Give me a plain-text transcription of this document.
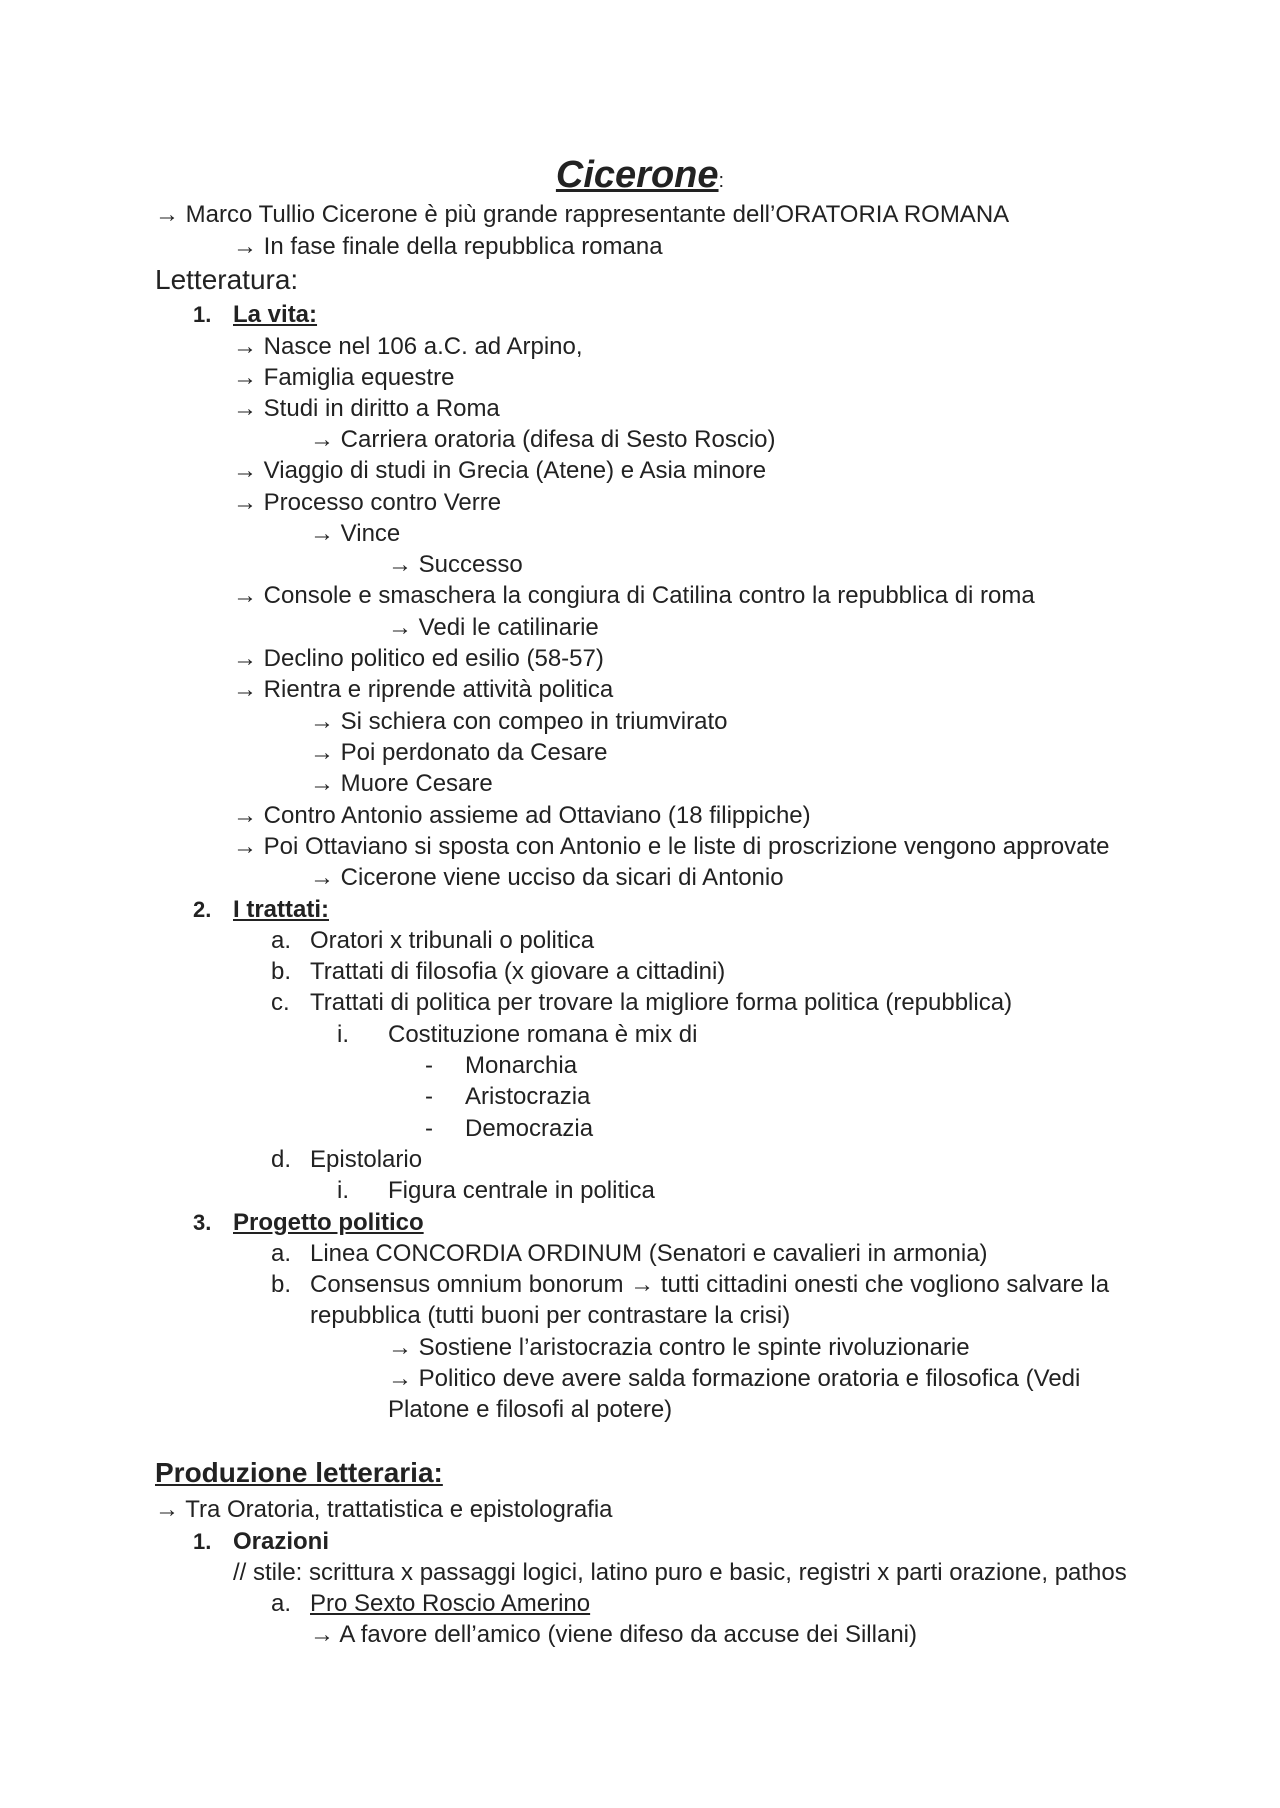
Cicerone:
→ Marco Tullio Cicerone è più grande rappresentante dell’ORATORIA ROMANA
→ In fase finale della repubblica romana
Letteratura:
1. La vita:
→ Nasce nel 106 a.C. ad Arpino,
→ Famiglia equestre
→ Studi in diritto a Roma
→ Carriera oratoria (difesa di Sesto Roscio)
→ Viaggio di studi in Grecia (Atene) e Asia minore
→ Processo contro Verre
→ Vince
→ Successo
→ Console e smaschera la congiura di Catilina contro la repubblica di roma
→ Vedi le catilinarie
→ Declino politico ed esilio (58-57)
→ Rientra e riprende attività politica
→ Si schiera con compeo in triumvirato
→ Poi perdonato da Cesare
→ Muore Cesare
→ Contro Antonio assieme ad Ottaviano (18 filippiche)
→ Poi Ottaviano si sposta con Antonio e le liste di proscrizione vengono approvate
→ Cicerone viene ucciso da sicari di Antonio
2. I trattati:
a. Oratori x tribunali o politica
b. Trattati di filosofia (x giovare a cittadini)
c. Trattati di politica per trovare la migliore forma politica (repubblica)
i. Costituzione romana è mix di
- Monarchia
- Aristocrazia
- Democrazia
d. Epistolario
i. Figura centrale in politica
3. Progetto politico
a. Linea CONCORDIA ORDINUM (Senatori e cavalieri in armonia)
b. Consensus omnium bonorum → tutti cittadini onesti che vogliono salvare la
repubblica (tutti buoni per contrastare la crisi)
→ Sostiene l’aristocrazia contro le spinte rivoluzionarie
→ Politico deve avere salda formazione oratoria e filosofica (Vedi
Platone e filosofi al potere)
Produzione letteraria:
→ Tra Oratoria, trattatistica e epistolografia
1. Orazioni
// stile: scrittura x passaggi logici, latino puro e basic, registri x parti orazione, pathos
a. Pro Sexto Roscio Amerino
→ A favore dell’amico (viene difeso da accuse dei Sillani)
